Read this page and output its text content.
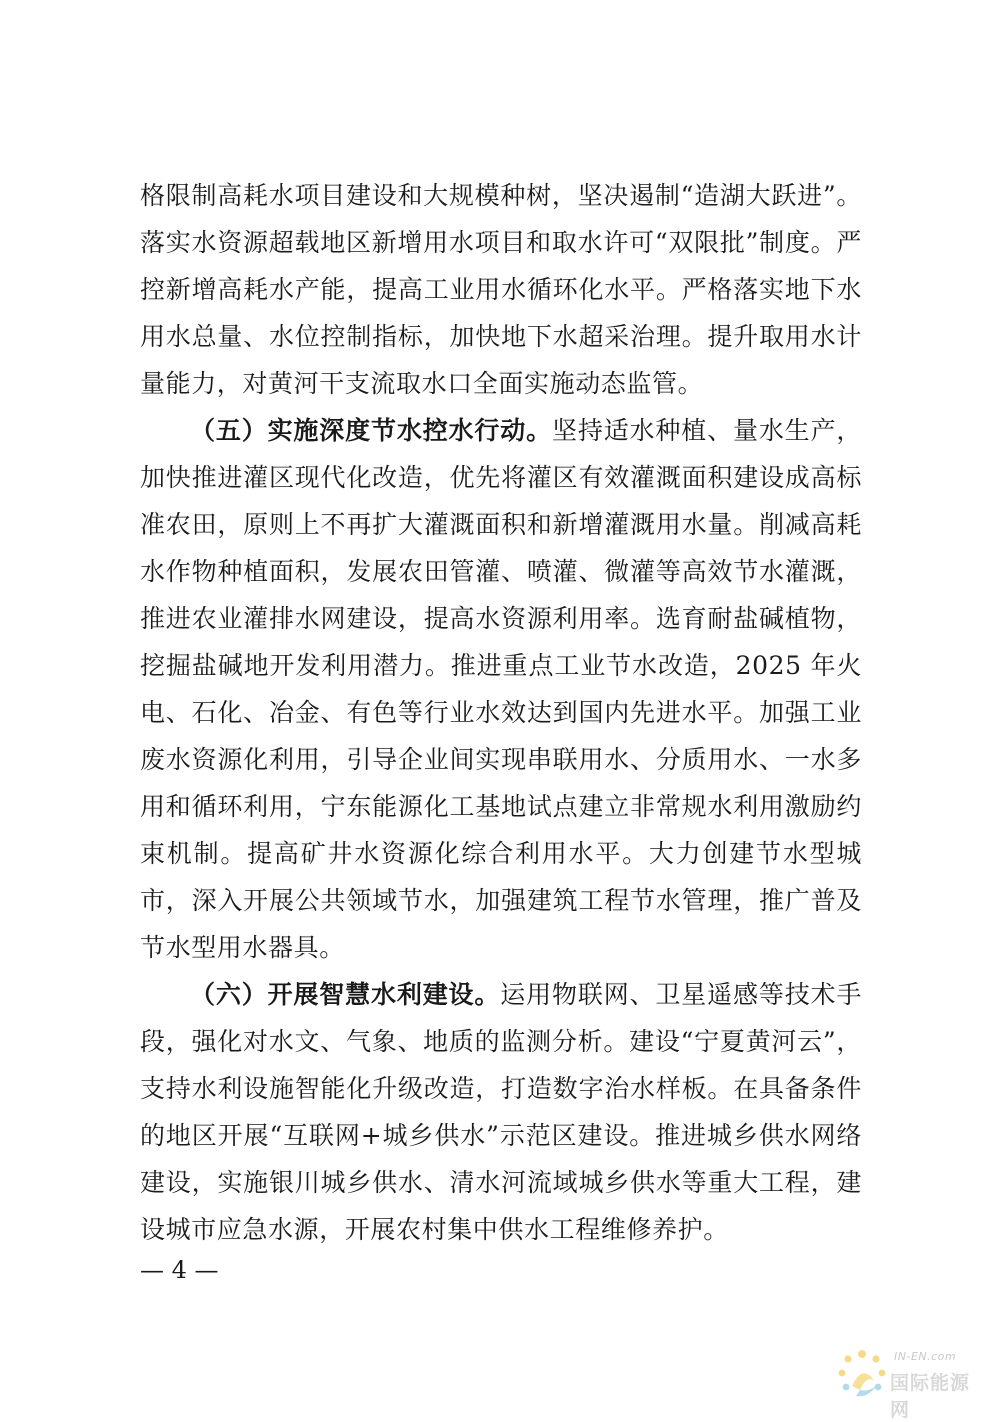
格限制高耗水项目建设和大规模种树，坚决遏制“造湖大跃进”。落实水资源超载地区新增用水项目和取水许可“双限批”制度。严控新增高耗水产能，提高工业用水循环化水平。严格落实地下水用水总量、水位控制指标，加快地下水超采治理。提升取用水计量能力，对黄河干支流取水口全面实施动态监管。

（五）实施深度节水控水行动。坚持适水种植、量水生产，加快推进灌区现代化改造，优先将灌区有效灌溉面积建设成高标准农田，原则上不再扩大灌溉面积和新增灌溉用水量。削减高耗水作物种植面积，发展农田管灌、喷灌、微灌等高效节水灌溉，推进农业灌排水网建设，提高水资源利用率。选育耐盐碱植物，挖掘盐碱地开发利用潜力。推进重点工业节水改造，2025 年火电、石化、冶金、有色等行业水效达到国内先进水平。加强工业废水资源化利用，引导企业间实现串联用水、分质用水、一水多用和循环利用，宁东能源化工基地试点建立非常规水利用激励约束机制。提高矿井水资源化综合利用水平。大力创建节水型城市，深入开展公共领域节水，加强建筑工程节水管理，推广普及节水型用水器具。

（六）开展智慧水利建设。运用物联网、卫星遥感等技术手段，强化对水文、气象、地质的监测分析。建设“宁夏黄河云”，支持水利设施智能化升级改造，打造数字治水样板。在具备条件的地区开展“互联网+城乡供水”示范区建设。推进城乡供水网络建设，实施银川城乡供水、清水河流域城乡供水等重大工程，建设城市应急水源，开展农村集中供水工程维修养护。

— 4 —
IN-EN.com
国际能源网
